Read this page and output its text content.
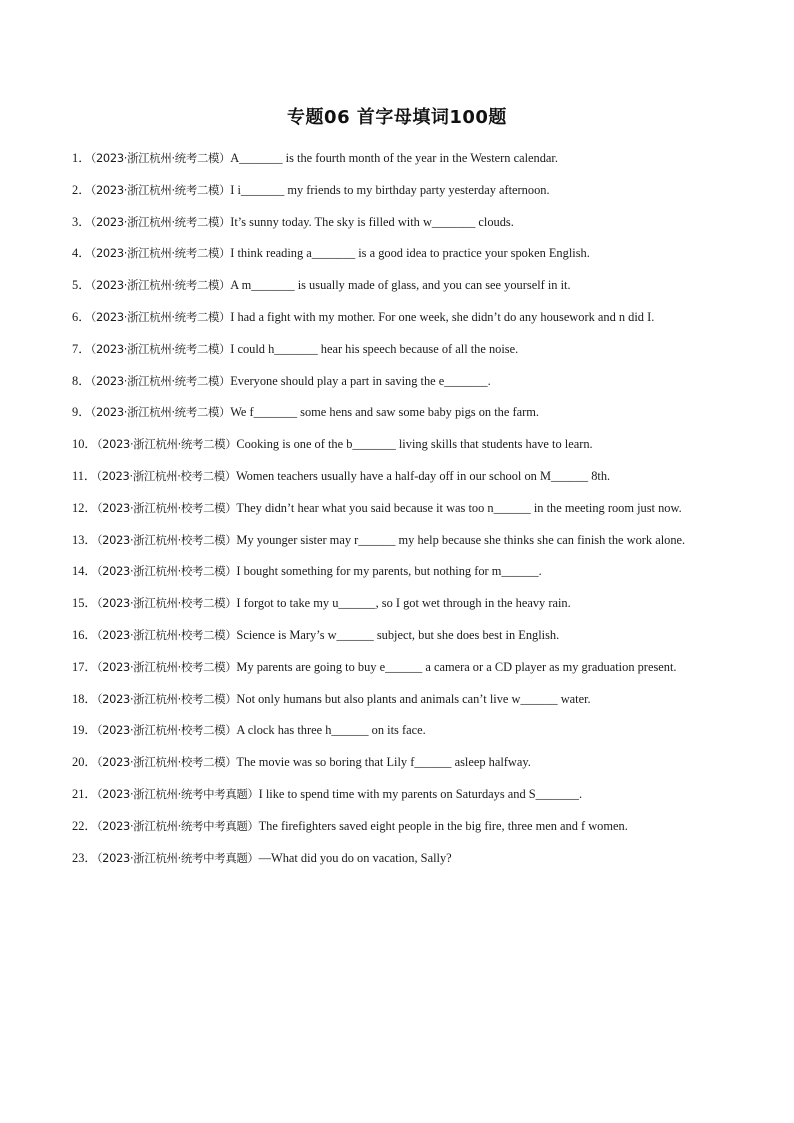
专题06 首字母填词100题
1．（2023·浙江杭州·统考二模）A_______ is the fourth month of the year in the Western calendar.
2．（2023·浙江杭州·统考二模）I i_______ my friends to my birthday party yesterday afternoon.
3．（2023·浙江杭州·统考二模）It’s sunny today. The sky is filled with w_______ clouds.
4．（2023·浙江杭州·统考二模）I think reading a_______ is a good idea to practice your spoken English.
5．（2023·浙江杭州·统考二模）A m_______ is usually made of glass, and you can see yourself in it.
6．（2023·浙江杭州·统考二模）I had a fight with my mother. For one week, she didn’t do any housework and n did I.
7．（2023·浙江杭州·统考二模）I could h_______ hear his speech because of all the noise.
8．（2023·浙江杭州·统考二模）Everyone should play a part in saving the e_______.
9．（2023·浙江杭州·统考二模）We f_______ some hens and saw some baby pigs on the farm.
10．（2023·浙江杭州·统考二模）Cooking is one of the b_______ living skills that students have to learn.
11．（2023·浙江杭州·校考二模）Women teachers usually have a half-day off in our school on M______ 8th.
12．（2023·浙江杭州·校考二模）They didn’t hear what you said because it was too n______ in the meeting room just now.
13．（2023·浙江杭州·校考二模）My younger sister may r______ my help because she thinks she can finish the work alone.
14．（2023·浙江杭州·校考二模）I bought something for my parents, but nothing for m______.
15．（2023·浙江杭州·校考二模）I forgot to take my u______, so I got wet through in the heavy rain.
16．（2023·浙江杭州·校考二模）Science is Mary’s w______ subject, but she does best in English.
17．（2023·浙江杭州·校考二模）My parents are going to buy e______ a camera or a CD player as my graduation present.
18．（2023·浙江杭州·校考二模）Not only humans but also plants and animals can’t live w______ water.
19．（2023·浙江杭州·校考二模）A clock has three h______ on its face.
20．（2023·浙江杭州·校考二模）The movie was so boring that Lily f______ asleep halfway.
21．（2023·浙江杭州·统考中考真题）I like to spend time with my parents on Saturdays and S_______.
22．（2023·浙江杭州·统考中考真题）The firefighters saved eight people in the big fire, three men and f women.
23．（2023·浙江杭州·统考中考真题）—What did you do on vacation, Sally?
